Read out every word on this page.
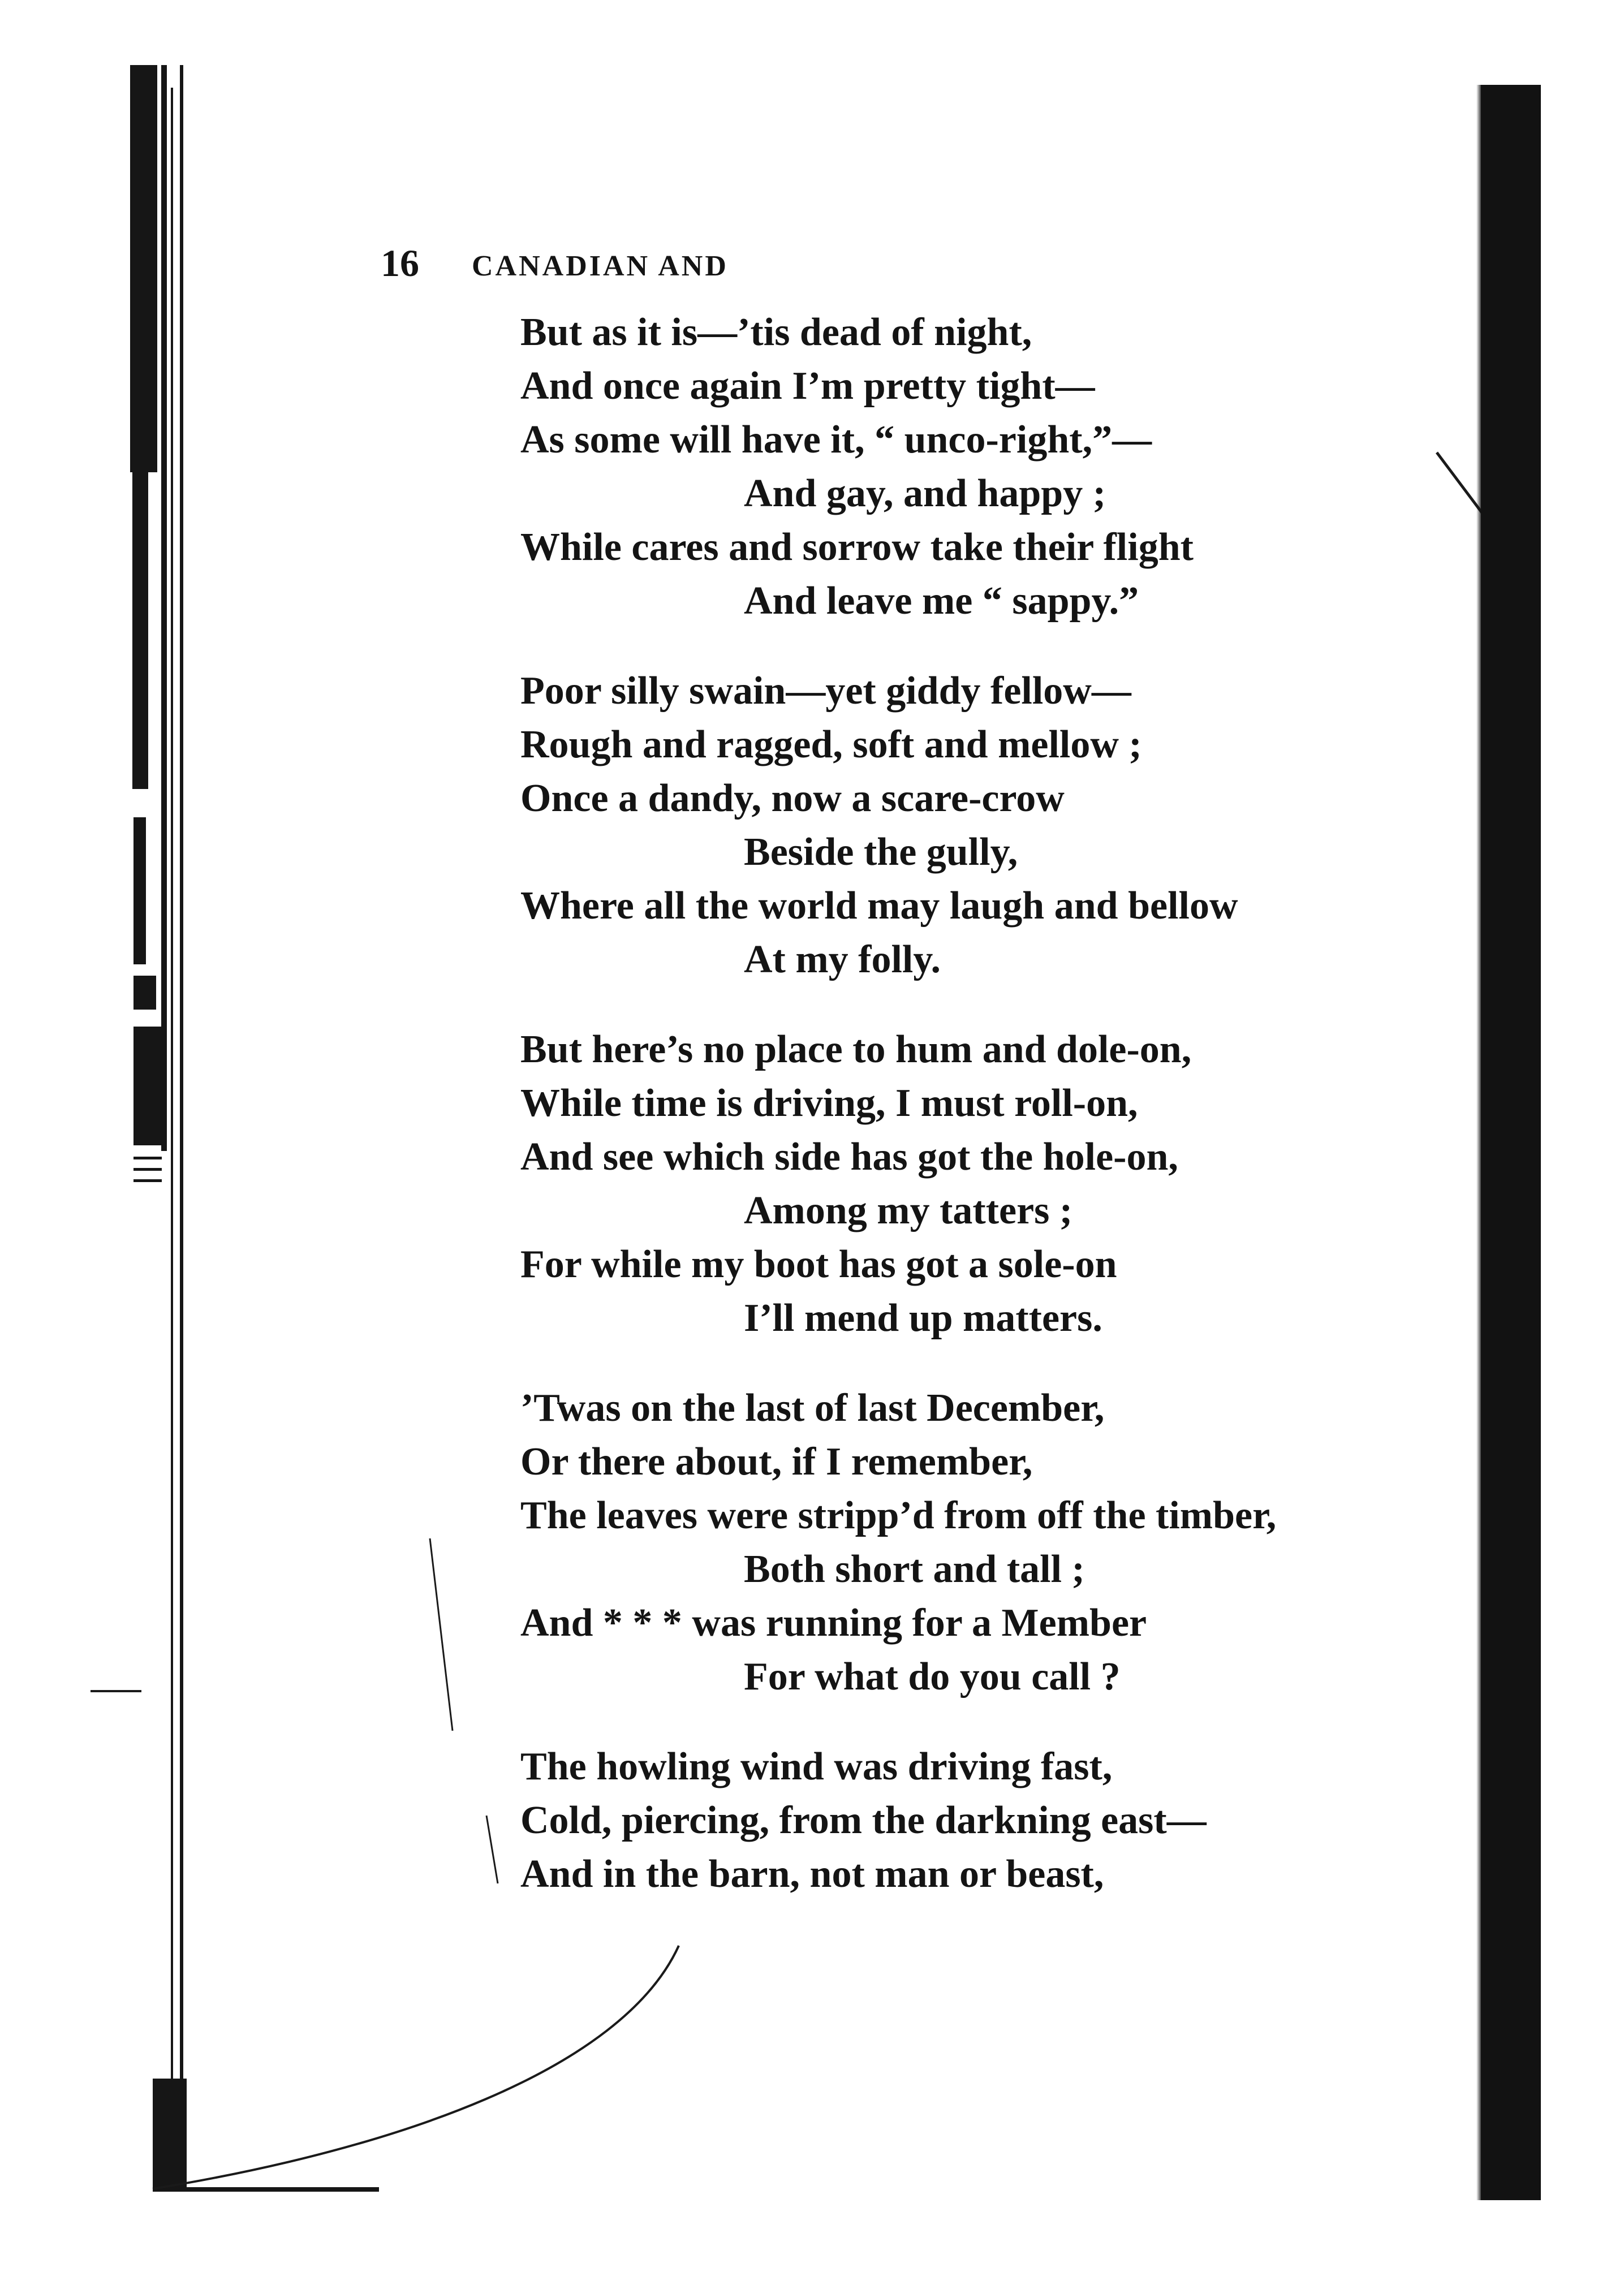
16 CANADIAN AND
But as it is—’tis dead of night,
And once again I’m pretty tight—
As some will have it, “ unco-right,”—
And gay, and happy ;
While cares and sorrow take their flight
And leave me “ sappy.”
Poor silly swain—yet giddy fellow—
Rough and ragged, soft and mellow ;
Once a dandy, now a scare-crow
Beside the gully,
Where all the world may laugh and bellow
At my folly.
But here’s no place to hum and dole-on,
While time is driving, I must roll-on,
And see which side has got the hole-on,
Among my tatters ;
For while my boot has got a sole-on
I’ll mend up matters.
’Twas on the last of last December,
Or there about, if I remember,
The leaves were stripp’d from off the timber,
Both short and tall ;
And * * * was running for a Member
For what do you call ?
The howling wind was driving fast,
Cold, piercing, from the darkning east—
And in the barn, not man or beast,
